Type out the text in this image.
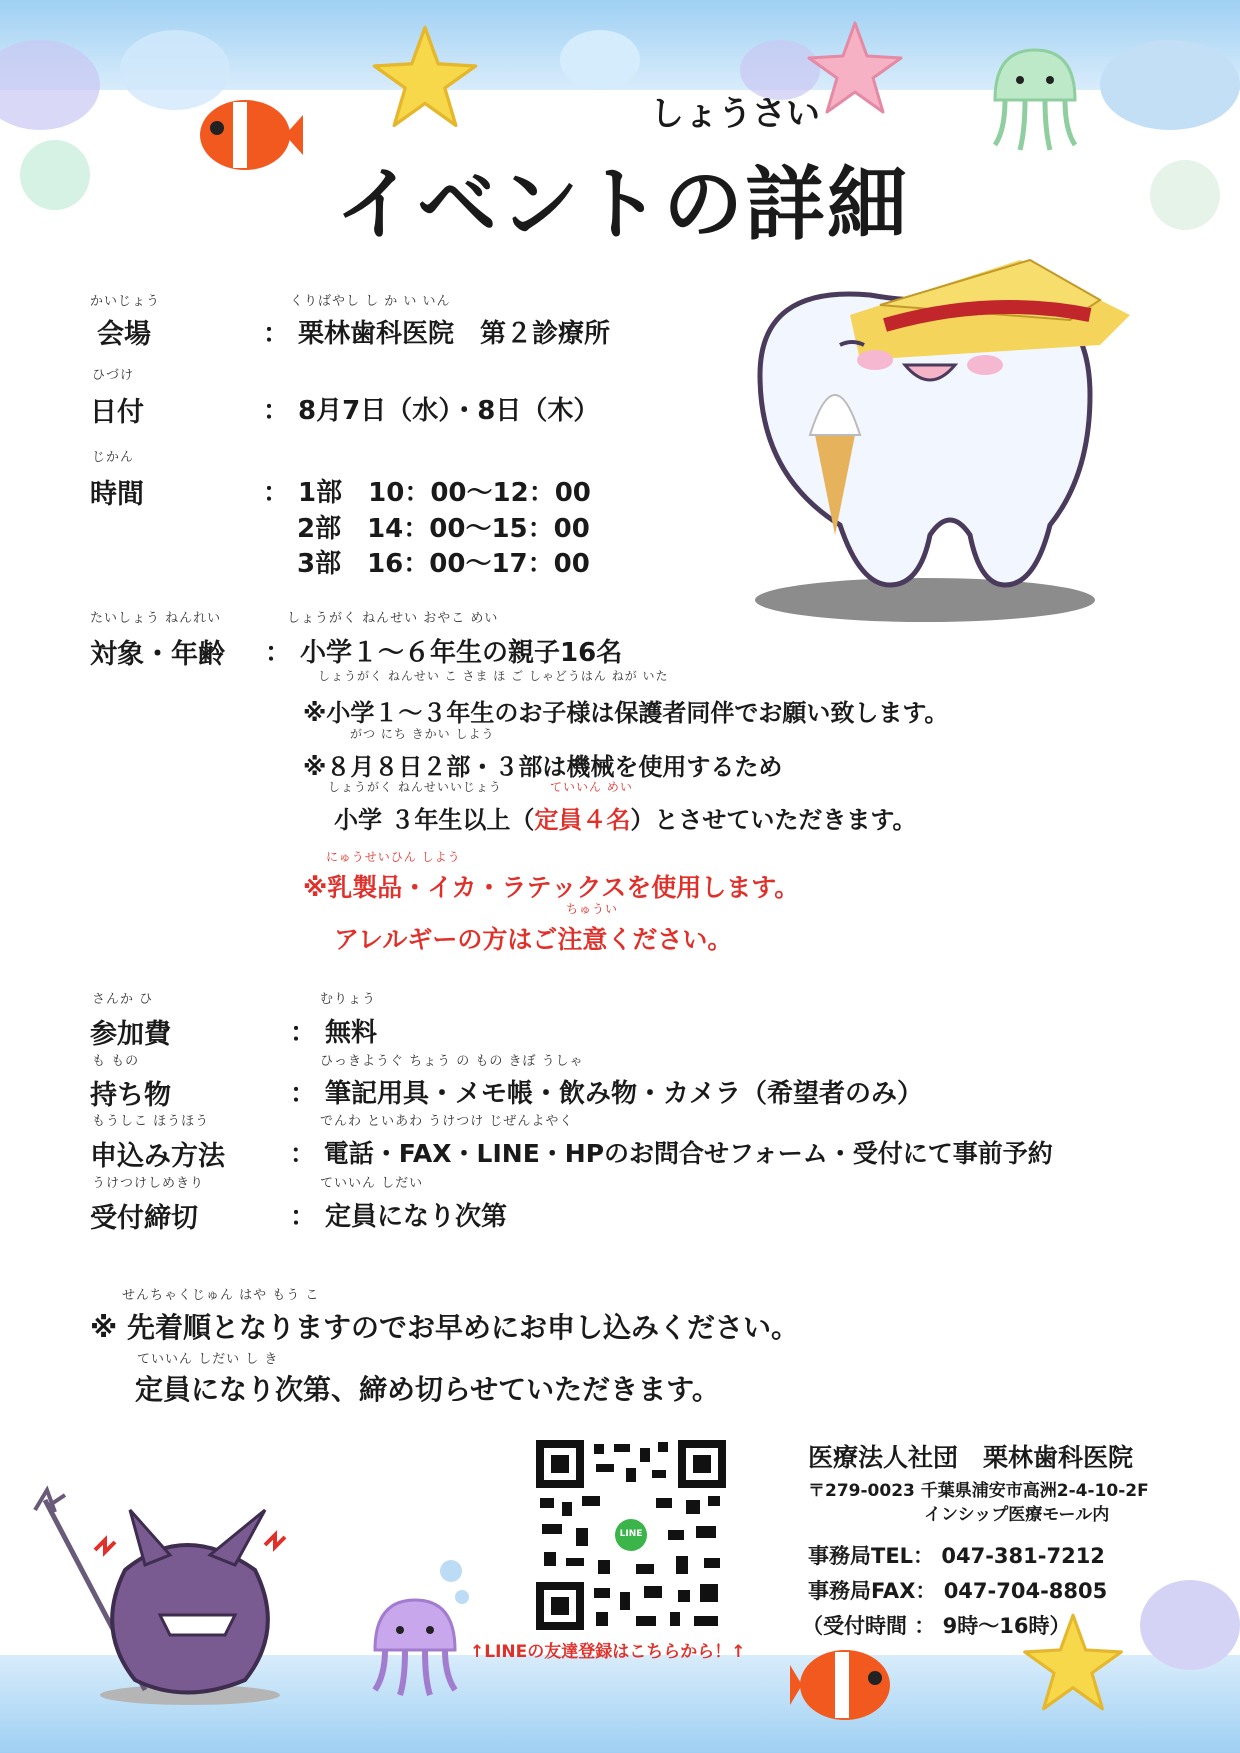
しょうさい
イベントの詳細
かいじょう
会場
くりばやし し か い いん
： 栗林歯科医院　第２診療所
ひづけ
日付	： 8月7日（水）・8日（木）
じかん
時間	： 1部　10：00〜12：00
2部　14：00〜15：00
3部　16：00〜17：00
たいしょう ねんれい
対象・年齢
しょうがく ねんせい おやこ めい
： 小学１〜６年生の親子16名
しょうがく ねんせい こ さま ほ ご しゃどうはん ねが いた
※小学１〜３年生のお子様は保護者同伴でお願い致します。
がつ にち きかい しよう
※８月８日２部・３部は機械を使用するため
しょうがく ねんせいいじょう	ていいん めい
小学 ３年生以上（定員４名）とさせていただきます。
にゅうせいひん しよう
※乳製品・イカ・ラテックスを使用します。
ちゅうい
アレルギーの方はご注意ください。
さんか ひ
参加費
むりょう
： 無料
も もの
持ち物
ひっきようぐ ちょう の もの きぼ うしゃ
： 筆記用具・メモ帳・飲み物・カメラ（希望者のみ）
もうしこ ほうほう
申込み方法
でんわ といあわ うけつけ じぜんよやく
： 電話・FAX・LINE・HPのお問合せフォーム・受付にて事前予約
うけつけしめきり
受付締切
ていいん しだい
： 定員になり次第
せんちゃくじゅん はや もう こ
※ 先着順となりますのでお早めにお申し込みください。
ていいん しだい し き
定員になり次第、締め切らせていただきます。
LINE
↑LINEの友達登録はこちらから！↑
医療法人社団　栗林歯科医院
〒279-0023 千葉県浦安市高洲2-4-10-2F
インシップ医療モール内
事務局TEL： 047-381-7212
事務局FAX： 047-704-8805
（受付時間 ： 9時〜16時）
